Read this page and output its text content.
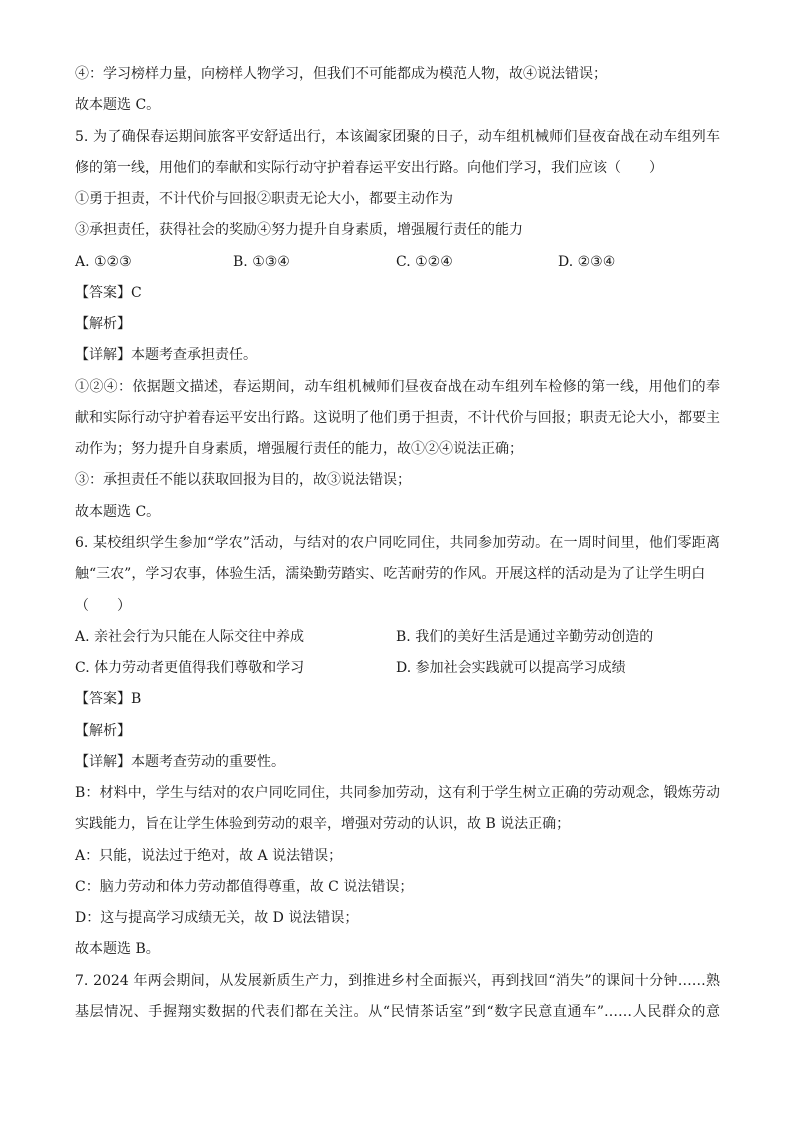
④：学习榜样力量，向榜样人物学习，但我们不可能都成为模范人物，故④说法错误；
故本题选 C。
5. 为了确保春运期间旅客平安舒适出行，本该阖家团聚的日子，动车组机械师们昼夜奋战在动车组列车
修的第一线，用他们的奉献和实际行动守护着春运平安出行路。向他们学习，我们应该（　　）
①勇于担责，不计代价与回报②职责无论大小，都要主动作为
③承担责任，获得社会的奖励④努力提升自身素质，增强履行责任的能力
A. ①②③	B. ①③④	C. ①②④	D. ②③④
【答案】C
【解析】
【详解】本题考查承担责任。
①②④：依据题文描述，春运期间，动车组机械师们昼夜奋战在动车组列车检修的第一线，用他们的奉
献和实际行动守护着春运平安出行路。这说明了他们勇于担责，不计代价与回报；职责无论大小，都要主
动作为；努力提升自身素质，增强履行责任的能力，故①②④说法正确；
③：承担责任不能以获取回报为目的，故③说法错误；
故本题选 C。
6. 某校组织学生参加“学农”活动，与结对的农户同吃同住，共同参加劳动。在一周时间里，他们零距离
触“三农”，学习农事，体验生活，濡染勤劳踏实、吃苦耐劳的作风。开展这样的活动是为了让学生明白
（　　）
A. 亲社会行为只能在人际交往中养成	B. 我们的美好生活是通过辛勤劳动创造的
C. 体力劳动者更值得我们尊敬和学习	D. 参加社会实践就可以提高学习成绩
【答案】B
【解析】
【详解】本题考查劳动的重要性。
B：材料中，学生与结对的农户同吃同住，共同参加劳动，这有利于学生树立正确的劳动观念，锻炼劳动
实践能力，旨在让学生体验到劳动的艰辛，增强对劳动的认识，故 B 说法正确；
A：只能，说法过于绝对，故 A 说法错误；
C：脑力劳动和体力劳动都值得尊重，故 C 说法错误；
D：这与提高学习成绩无关，故 D 说法错误；
故本题选 B。
7. 2024 年两会期间，从发展新质生产力，到推进乡村全面振兴，再到找回“消失”的课间十分钟……熟
基层情况、手握翔实数据的代表们都在关注。从“民情茶话室”到“数字民意直通车”……人民群众的意
